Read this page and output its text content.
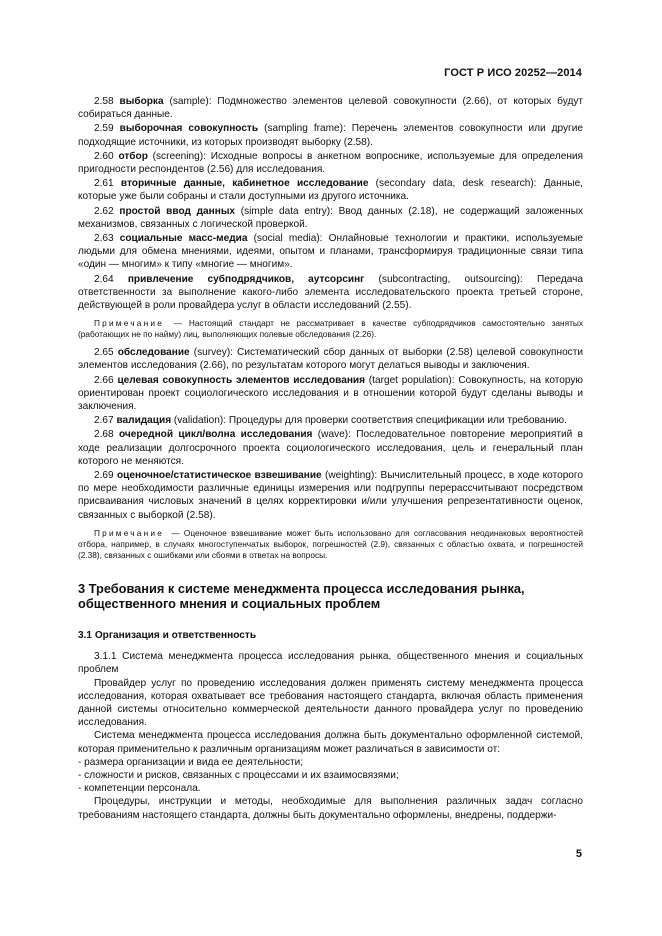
ГОСТ Р ИСО 20252—2014

2.58 выборка (sample): Подмножество элементов целевой совокупности (2.66), от которых будут собираться данные.

2.59 выборочная совокупность (sampling frame): Перечень элементов совокупности или другие подходящие источники, из которых производят выборку (2.58).

2.60 отбор (screening): Исходные вопросы в анкетном вопроснике, используемые для определения пригодности респондентов (2.56) для исследования.

2.61 вторичные данные, кабинетное исследование (secondary data, desk research): Данные, которые уже были собраны и стали доступными из другого источника.

2.62 простой ввод данных (simple data entry): Ввод данных (2.18), не содержащий заложенных механизмов, связанных с логической проверкой.

2.63 социальные масс-медиа (social media): Онлайновые технологии и практики, используемые людьми для обмена мнениями, идеями, опытом и планами, трансформируя традиционные связи типа «один — многим» к типу «многие — многим».

2.64 привлечение субподрядчиков, аутсорсинг (subcontracting, outsourcing): Передача ответственности за выполнение какого-либо элемента исследовательского проекта третьей стороне, действующей в роли провайдера услуг в области исследований (2.55).

Примечание — Настоящий стандарт не рассматривает в качестве субподрядчиков самостоятельно занятых (работающих не по найму) лиц, выполняющих полевые обследования (2.26).

2.65 обследование (survey): Систематический сбор данных от выборки (2.58) целевой совокупности элементов исследования (2.66), по результатам которого могут делаться выводы и заключения.

2.66 целевая совокупность элементов исследования (target population): Совокупность, на которую ориентирован проект социологического исследования и в отношении которой будут сделаны выводы и заключения.

2.67 валидация (validation): Процедуры для проверки соответствия спецификации или требованию.

2.68 очередной цикл/волна исследования (wave): Последовательное повторение мероприятий в ходе реализации долгосрочного проекта социологического исследования, цель и генеральный план которого не меняются.

2.69 оценочное/статистическое взвешивание (weighting): Вычислительный процесс, в ходе которого по мере необходимости различные единицы измерения или подгруппы перерассчитывают посредством присваивания числовых значений в целях корректировки и/или улучшения репрезентативности оценок, связанных с выборкой (2.58).

Примечание — Оценочное взвешивание может быть использовано для согласования неодинаковых вероятностей отбора, например, в случаях многоступенчатых выборок, погрешностей (2.9), связанных с областью охвата, и погрешностей (2.38), связанных с ошибками или сбоями в ответах на вопросы.

3 Требования к системе менеджмента процесса исследования рынка, общественного мнения и социальных проблем
3.1 Организация и ответственность

3.1.1 Система менеджмента процесса исследования рынка, общественного мнения и социальных проблем

Провайдер услуг по проведению исследования должен применять систему менеджмента процесса исследования, которая охватывает все требования настоящего стандарта, включая область применения данной системы относительно коммерческой деятельности данного провайдера услуг по проведению исследования.

Система менеджмента процесса исследования должна быть документально оформленной системой, которая применительно к различным организациям может различаться в зависимости от:

- размера организации и вида ее деятельности;

- сложности и рисков, связанных с процессами и их взаимосвязями;

- компетенции персонала.

Процедуры, инструкции и методы, необходимые для выполнения различных задач согласно требованиям настоящего стандарта, должны быть документально оформлены, внедрены, поддержи-

5
